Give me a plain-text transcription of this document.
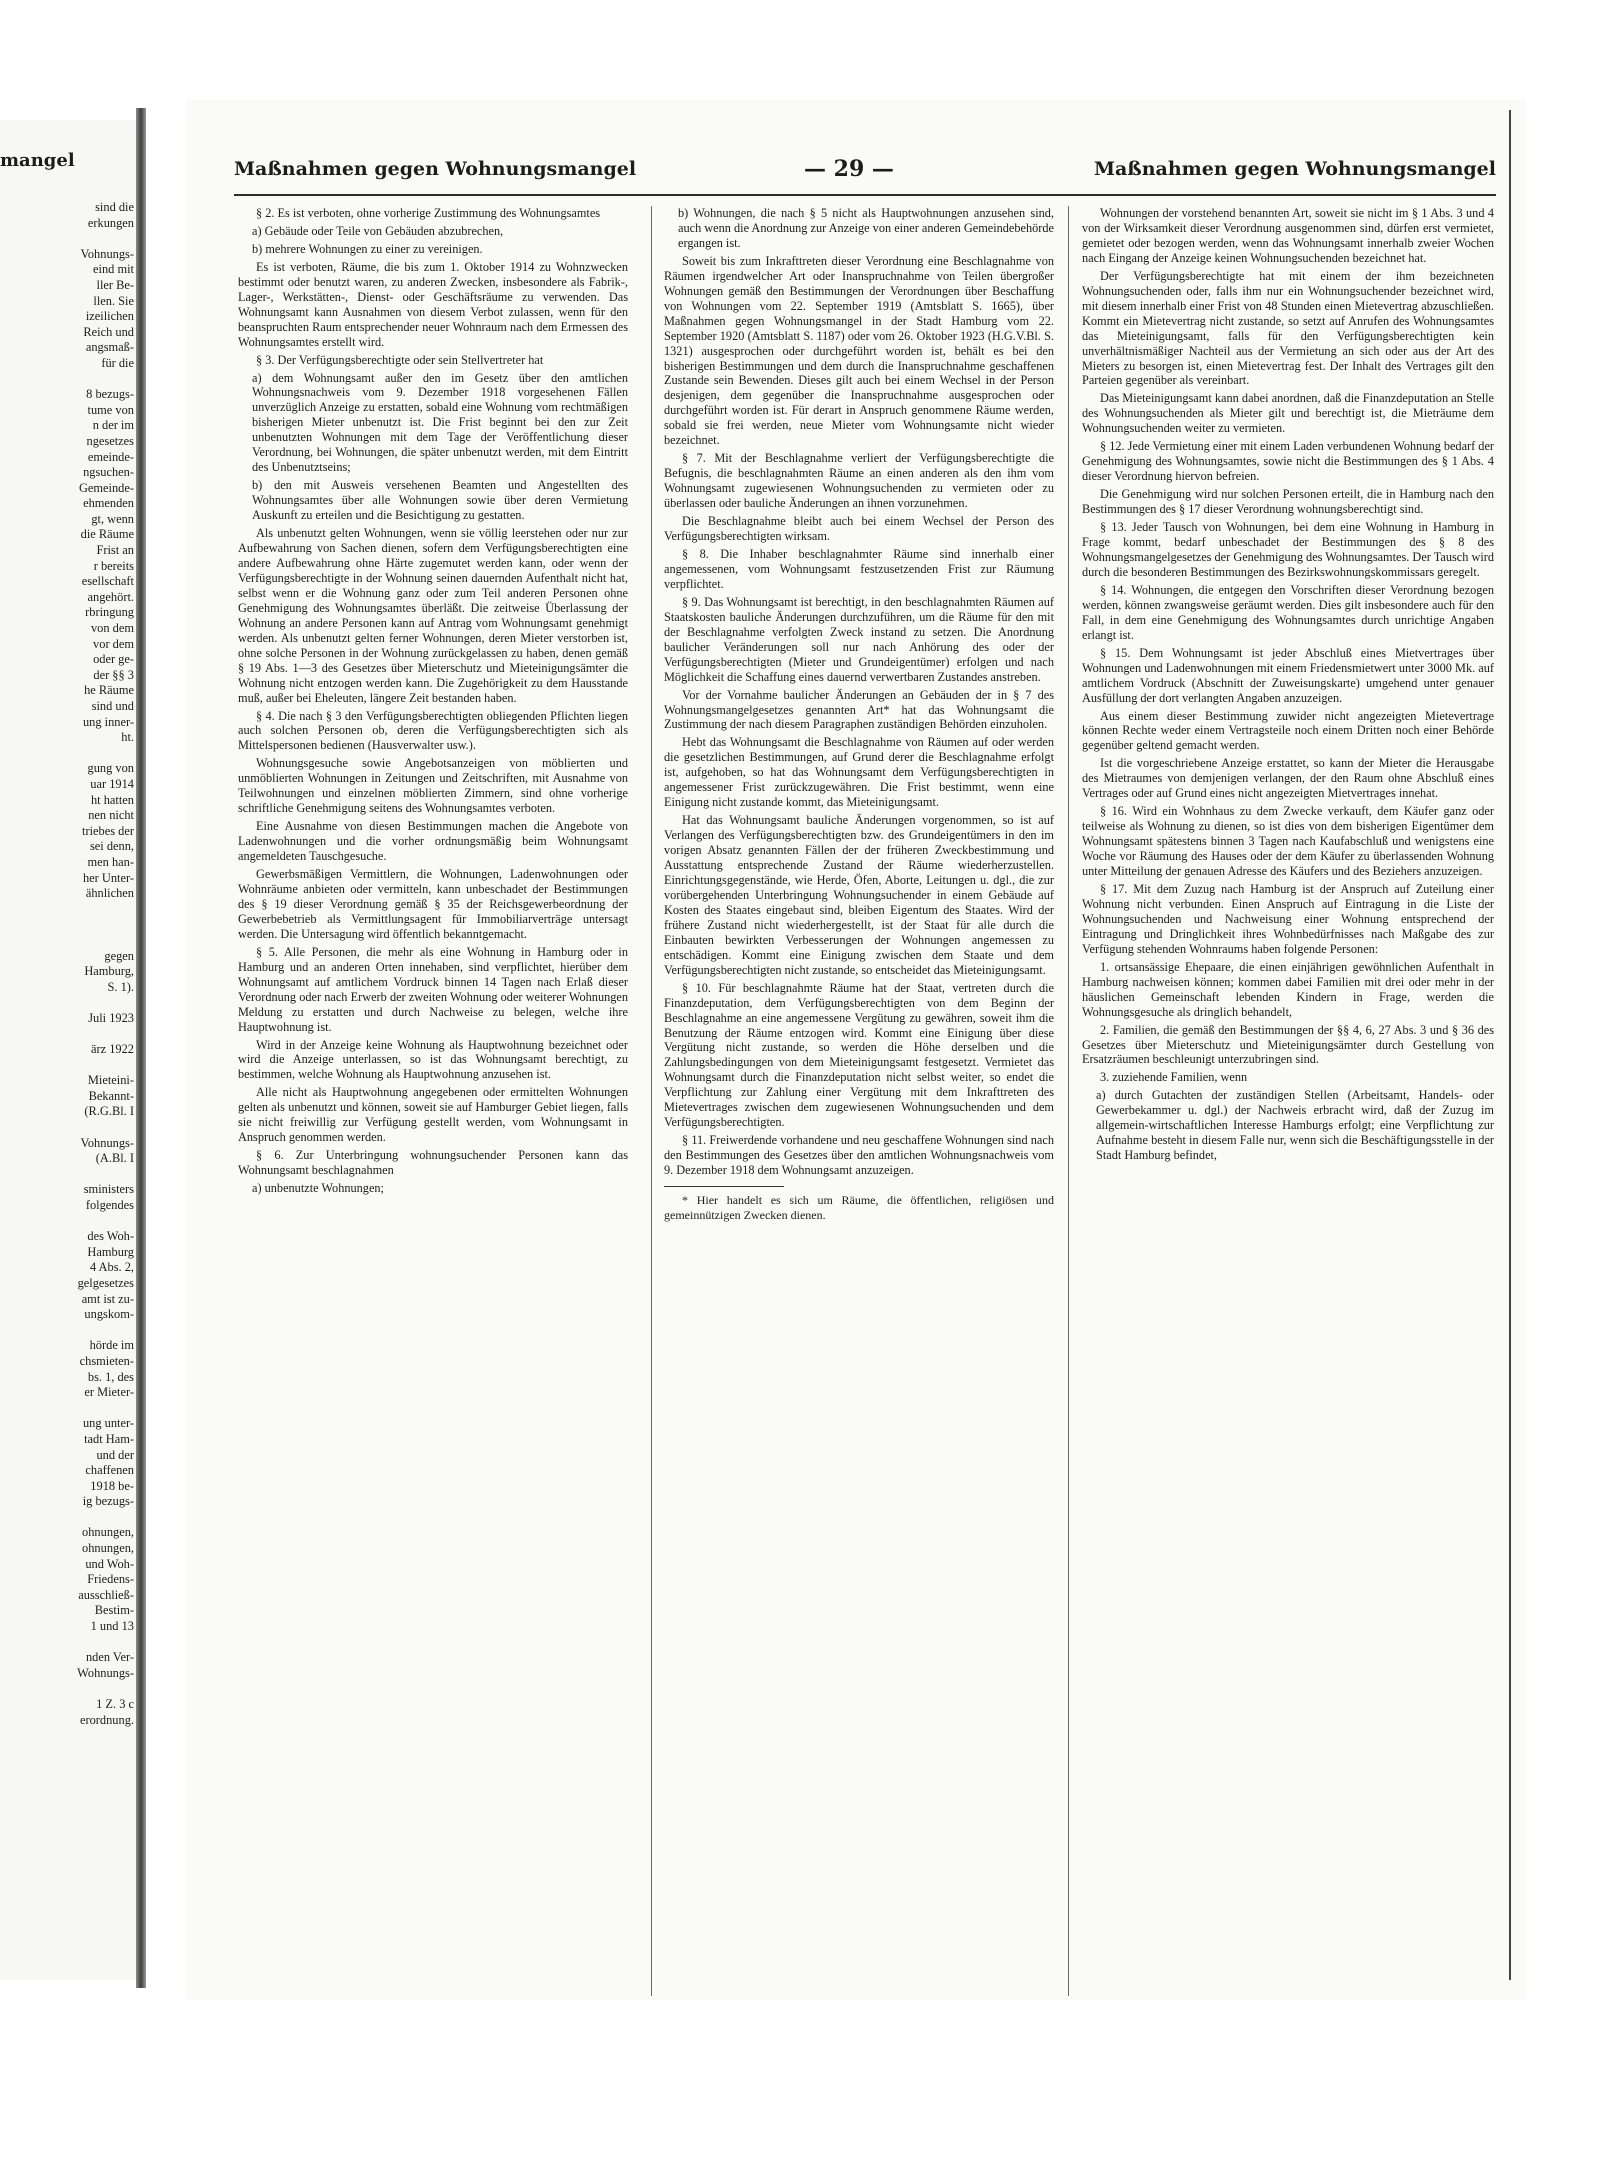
mangel
sind die
erkungen
Vohnungs-
eind mit
ller Be-
llen. Sie
izeilichen
Reich und
angsmaß-
für die
8 bezugs-
tume von
n der im
ngesetzes
emeinde-
ngsuchen-
Gemeinde-
ehmenden
gt, wenn
die Räume
Frist an
r bereits
esellschaft
angehört.
rbringung
von dem
vor dem
oder ge-
der §§ 3
he Räume
sind und
ung inner-
ht.
gung von
uar 1914
ht hatten
nen nicht
triebes der
sei denn,
men han-
her Unter-
ähnlichen
gegen
Hamburg,
S. 1).
Juli 1923
ärz 1922
Mieteini-
Bekannt-
(R.G.Bl. I
Vohnungs-
(A.Bl. I
sministers
folgendes
des Woh-
Hamburg
4 Abs. 2,
gelgesetzes
amt ist zu-
ungskom-
hörde im
chsmieten-
bs. 1, des
er Mieter-
ung unter-
tadt Ham-
und der
chaffenen
1918 be-
ig bezugs-
ohnungen,
ohnungen,
und Woh-
Friedens-
ausschließ-
Bestim-
1 und 13
nden Ver-
Wohnungs-
1 Z. 3 c
erordnung.
Maßnahmen gegen Wohnungsmangel	— 29 —	Maßnahmen gegen Wohnungsmangel

§ 2. Es ist verboten, ohne vorherige Zustimmung des Wohnungsamtes

a) Gebäude oder Teile von Gebäuden abzubrechen,

b) mehrere Wohnungen zu einer zu vereinigen.

Es ist verboten, Räume, die bis zum 1. Oktober 1914 zu Wohnzwecken bestimmt oder benutzt waren, zu anderen Zwecken, insbesondere als Fabrik-, Lager-, Werkstätten-, Dienst- oder Geschäftsräume zu verwenden. Das Wohnungsamt kann Ausnahmen von diesem Verbot zulassen, wenn für den beanspruchten Raum entsprechender neuer Wohnraum nach dem Ermessen des Wohnungsamtes erstellt wird.

§ 3. Der Verfügungsberechtigte oder sein Stellvertreter hat

a) dem Wohnungsamt außer den im Gesetz über den amtlichen Wohnungsnachweis vom 9. Dezember 1918 vorgesehenen Fällen unverzüglich Anzeige zu erstatten, sobald eine Wohnung vom rechtmäßigen bisherigen Mieter unbenutzt ist. Die Frist beginnt bei den zur Zeit unbenutzten Wohnungen mit dem Tage der Veröffentlichung dieser Verordnung, bei Wohnungen, die später unbenutzt werden, mit dem Eintritt des Unbenutztseins;

b) den mit Ausweis versehenen Beamten und Angestellten des Wohnungsamtes über alle Wohnungen sowie über deren Vermietung Auskunft zu erteilen und die Besichtigung zu gestatten.

Als unbenutzt gelten Wohnungen, wenn sie völlig leerstehen oder nur zur Aufbewahrung von Sachen dienen, sofern dem Verfügungsberechtigten eine andere Aufbewahrung ohne Härte zugemutet werden kann, oder wenn der Verfügungsberechtigte in der Wohnung seinen dauernden Aufenthalt nicht hat, selbst wenn er die Wohnung ganz oder zum Teil anderen Personen ohne Genehmigung des Wohnungsamtes überläßt. Die zeitweise Überlassung der Wohnung an andere Personen kann auf Antrag vom Wohnungsamt genehmigt werden. Als unbenutzt gelten ferner Wohnungen, deren Mieter verstorben ist, ohne solche Personen in der Wohnung zurückgelassen zu haben, denen gemäß § 19 Abs. 1—3 des Gesetzes über Mieterschutz und Mieteinigungsämter die Wohnung nicht entzogen werden kann. Die Zugehörigkeit zu dem Hausstande muß, außer bei Eheleuten, längere Zeit bestanden haben.

§ 4. Die nach § 3 den Verfügungsberechtigten obliegenden Pflichten liegen auch solchen Personen ob, deren die Verfügungsberechtigten sich als Mittelspersonen bedienen (Hausverwalter usw.).

Wohnungsgesuche sowie Angebotsanzeigen von möblierten und unmöblierten Wohnungen in Zeitungen und Zeitschriften, mit Ausnahme von Teilwohnungen und einzelnen möblierten Zimmern, sind ohne vorherige schriftliche Genehmigung seitens des Wohnungsamtes verboten.

Eine Ausnahme von diesen Bestimmungen machen die Angebote von Ladenwohnungen und die vorher ordnungsmäßig beim Wohnungsamt angemeldeten Tauschgesuche.

Gewerbsmäßigen Vermittlern, die Wohnungen, Ladenwohnungen oder Wohnräume anbieten oder vermitteln, kann unbeschadet der Bestimmungen des § 19 dieser Verordnung gemäß § 35 der Reichsgewerbeordnung der Gewerbebetrieb als Vermittlungsagent für Immobiliarverträge untersagt werden. Die Untersagung wird öffentlich bekanntgemacht.

§ 5. Alle Personen, die mehr als eine Wohnung in Hamburg oder in Hamburg und an anderen Orten innehaben, sind verpflichtet, hierüber dem Wohnungsamt auf amtlichem Vordruck binnen 14 Tagen nach Erlaß dieser Verordnung oder nach Erwerb der zweiten Wohnung oder weiterer Wohnungen Meldung zu erstatten und durch Nachweise zu belegen, welche ihre Hauptwohnung ist.

Wird in der Anzeige keine Wohnung als Hauptwohnung bezeichnet oder wird die Anzeige unterlassen, so ist das Wohnungsamt berechtigt, zu bestimmen, welche Wohnung als Hauptwohnung anzusehen ist.

Alle nicht als Hauptwohnung angegebenen oder ermittelten Wohnungen gelten als unbenutzt und können, soweit sie auf Hamburger Gebiet liegen, falls sie nicht freiwillig zur Verfügung gestellt werden, vom Wohnungsamt in Anspruch genommen werden.

§ 6. Zur Unterbringung wohnungsuchender Personen kann das Wohnungsamt beschlagnahmen

a) unbenutzte Wohnungen;

b) Wohnungen, die nach § 5 nicht als Hauptwohnungen anzusehen sind, auch wenn die Anordnung zur Anzeige von einer anderen Gemeindebehörde ergangen ist.

Soweit bis zum Inkrafttreten dieser Verordnung eine Beschlagnahme von Räumen irgendwelcher Art oder Inanspruchnahme von Teilen übergroßer Wohnungen gemäß den Bestimmungen der Verordnungen über Beschaffung von Wohnungen vom 22. September 1919 (Amtsblatt S. 1665), über Maßnahmen gegen Wohnungsmangel in der Stadt Hamburg vom 22. September 1920 (Amtsblatt S. 1187) oder vom 26. Oktober 1923 (H.G.V.Bl. S. 1321) ausgesprochen oder durchgeführt worden ist, behält es bei den bisherigen Bestimmungen und dem durch die Inanspruchnahme geschaffenen Zustande sein Bewenden. Dieses gilt auch bei einem Wechsel in der Person desjenigen, dem gegenüber die Inanspruchnahme ausgesprochen oder durchgeführt worden ist. Für derart in Anspruch genommene Räume werden, sobald sie frei werden, neue Mieter vom Wohnungsamte nicht wieder bezeichnet.

§ 7. Mit der Beschlagnahme verliert der Verfügungsberechtigte die Befugnis, die beschlagnahmten Räume an einen anderen als den ihm vom Wohnungsamt zugewiesenen Wohnungsuchenden zu vermieten oder zu überlassen oder bauliche Änderungen an ihnen vorzunehmen.

Die Beschlagnahme bleibt auch bei einem Wechsel der Person des Verfügungsberechtigten wirksam.

§ 8. Die Inhaber beschlagnahmter Räume sind innerhalb einer angemessenen, vom Wohnungsamt festzusetzenden Frist zur Räumung verpflichtet.

§ 9. Das Wohnungsamt ist berechtigt, in den beschlagnahmten Räumen auf Staatskosten bauliche Änderungen durchzuführen, um die Räume für den mit der Beschlagnahme verfolgten Zweck instand zu setzen. Die Anordnung baulicher Veränderungen soll nur nach Anhörung des oder der Verfügungsberechtigten (Mieter und Grundeigentümer) erfolgen und nach Möglichkeit die Schaffung eines dauernd verwertbaren Zustandes anstreben.

Vor der Vornahme baulicher Änderungen an Gebäuden der in § 7 des Wohnungsmangelgesetzes genannten Art* hat das Wohnungsamt die Zustimmung der nach diesem Paragraphen zuständigen Behörden einzuholen.

Hebt das Wohnungsamt die Beschlagnahme von Räumen auf oder werden die gesetzlichen Bestimmungen, auf Grund derer die Beschlagnahme erfolgt ist, aufgehoben, so hat das Wohnungsamt dem Verfügungsberechtigten in angemessener Frist zurückzugewähren. Die Frist bestimmt, wenn eine Einigung nicht zustande kommt, das Mieteinigungsamt.

Hat das Wohnungsamt bauliche Änderungen vorgenommen, so ist auf Verlangen des Verfügungsberechtigten bzw. des Grundeigentümers in den im vorigen Absatz genannten Fällen der der früheren Zweckbestimmung und Ausstattung entsprechende Zustand der Räume wiederherzustellen. Einrichtungsgegenstände, wie Herde, Öfen, Aborte, Leitungen u. dgl., die zur vorübergehenden Unterbringung Wohnungsuchender in einem Gebäude auf Kosten des Staates eingebaut sind, bleiben Eigentum des Staates. Wird der frühere Zustand nicht wiederhergestellt, ist der Staat für alle durch die Einbauten bewirkten Verbesserungen der Wohnungen angemessen zu entschädigen. Kommt eine Einigung zwischen dem Staate und dem Verfügungsberechtigten nicht zustande, so entscheidet das Mieteinigungsamt.

§ 10. Für beschlagnahmte Räume hat der Staat, vertreten durch die Finanzdeputation, dem Verfügungsberechtigten von dem Beginn der Beschlagnahme an eine angemessene Vergütung zu gewähren, soweit ihm die Benutzung der Räume entzogen wird. Kommt eine Einigung über diese Vergütung nicht zustande, so werden die Höhe derselben und die Zahlungsbedingungen von dem Mieteinigungsamt festgesetzt. Vermietet das Wohnungsamt durch die Finanzdeputation nicht selbst weiter, so endet die Verpflichtung zur Zahlung einer Vergütung mit dem Inkrafttreten des Mietevertrages zwischen dem zugewiesenen Wohnungsuchenden und dem Verfügungsberechtigten.

§ 11. Freiwerdende vorhandene und neu geschaffene Wohnungen sind nach den Bestimmungen des Gesetzes über den amtlichen Wohnungsnachweis vom 9. Dezember 1918 dem Wohnungsamt anzuzeigen.

* Hier handelt es sich um Räume, die öffentlichen, religiösen und gemeinnützigen Zwecken dienen.

Wohnungen der vorstehend benannten Art, soweit sie nicht im § 1 Abs. 3 und 4 von der Wirksamkeit dieser Verordnung ausgenommen sind, dürfen erst vermietet, gemietet oder bezogen werden, wenn das Wohnungsamt innerhalb zweier Wochen nach Eingang der Anzeige keinen Wohnungsuchenden bezeichnet hat.

Der Verfügungsberechtigte hat mit einem der ihm bezeichneten Wohnungsuchenden oder, falls ihm nur ein Wohnungsuchender bezeichnet wird, mit diesem innerhalb einer Frist von 48 Stunden einen Mietevertrag abzuschließen. Kommt ein Mietevertrag nicht zustande, so setzt auf Anrufen des Wohnungsamtes das Mieteinigungsamt, falls für den Verfügungsberechtigten kein unverhältnismäßiger Nachteil aus der Vermietung an sich oder aus der Art des Mieters zu besorgen ist, einen Mietevertrag fest. Der Inhalt des Vertrages gilt den Parteien gegenüber als vereinbart.

Das Mieteinigungsamt kann dabei anordnen, daß die Finanzdeputation an Stelle des Wohnungsuchenden als Mieter gilt und berechtigt ist, die Mieträume dem Wohnungsuchenden weiter zu vermieten.

§ 12. Jede Vermietung einer mit einem Laden verbundenen Wohnung bedarf der Genehmigung des Wohnungsamtes, sowie nicht die Bestimmungen des § 1 Abs. 4 dieser Verordnung hiervon befreien.

Die Genehmigung wird nur solchen Personen erteilt, die in Hamburg nach den Bestimmungen des § 17 dieser Verordnung wohnungsberechtigt sind.

§ 13. Jeder Tausch von Wohnungen, bei dem eine Wohnung in Hamburg in Frage kommt, bedarf unbeschadet der Bestimmungen des § 8 des Wohnungsmangelgesetzes der Genehmigung des Wohnungsamtes. Der Tausch wird durch die besonderen Bestimmungen des Bezirkswohnungskommissars geregelt.

§ 14. Wohnungen, die entgegen den Vorschriften dieser Verordnung bezogen werden, können zwangsweise geräumt werden. Dies gilt insbesondere auch für den Fall, in dem eine Genehmigung des Wohnungsamtes durch unrichtige Angaben erlangt ist.

§ 15. Dem Wohnungsamt ist jeder Abschluß eines Mietvertrages über Wohnungen und Ladenwohnungen mit einem Friedensmietwert unter 3000 Mk. auf amtlichem Vordruck (Abschnitt der Zuweisungskarte) umgehend unter genauer Ausfüllung der dort verlangten Angaben anzuzeigen.

Aus einem dieser Bestimmung zuwider nicht angezeigten Mietevertrage können Rechte weder einem Vertragsteile noch einem Dritten noch einer Behörde gegenüber geltend gemacht werden.

Ist die vorgeschriebene Anzeige erstattet, so kann der Mieter die Herausgabe des Mietraumes von demjenigen verlangen, der den Raum ohne Abschluß eines Vertrages oder auf Grund eines nicht angezeigten Mietvertrages innehat.

§ 16. Wird ein Wohnhaus zu dem Zwecke verkauft, dem Käufer ganz oder teilweise als Wohnung zu dienen, so ist dies von dem bisherigen Eigentümer dem Wohnungsamt spätestens binnen 3 Tagen nach Kaufabschluß und wenigstens eine Woche vor Räumung des Hauses oder der dem Käufer zu überlassenden Wohnung unter Mitteilung der genauen Adresse des Käufers und des Beziehers anzuzeigen.

§ 17. Mit dem Zuzug nach Hamburg ist der Anspruch auf Zuteilung einer Wohnung nicht verbunden. Einen Anspruch auf Eintragung in die Liste der Wohnungsuchenden und Nachweisung einer Wohnung entsprechend der Eintragung und Dringlichkeit ihres Wohnbedürfnisses nach Maßgabe des zur Verfügung stehenden Wohnraums haben folgende Personen:

1. ortsansässige Ehepaare, die einen einjährigen gewöhnlichen Aufenthalt in Hamburg nachweisen können; kommen dabei Familien mit drei oder mehr in der häuslichen Gemeinschaft lebenden Kindern in Frage, werden die Wohnungsgesuche als dringlich behandelt,

2. Familien, die gemäß den Bestimmungen der §§ 4, 6, 27 Abs. 3 und § 36 des Gesetzes über Mieterschutz und Mieteinigungsämter durch Gestellung von Ersatzräumen beschleunigt unterzubringen sind.

3. zuziehende Familien, wenn

a) durch Gutachten der zuständigen Stellen (Arbeitsamt, Handels- oder Gewerbekammer u. dgl.) der Nachweis erbracht wird, daß der Zuzug im allgemein-wirtschaftlichen Interesse Hamburgs erfolgt; eine Verpflichtung zur Aufnahme besteht in diesem Falle nur, wenn sich die Beschäftigungsstelle in der Stadt Hamburg befindet,
